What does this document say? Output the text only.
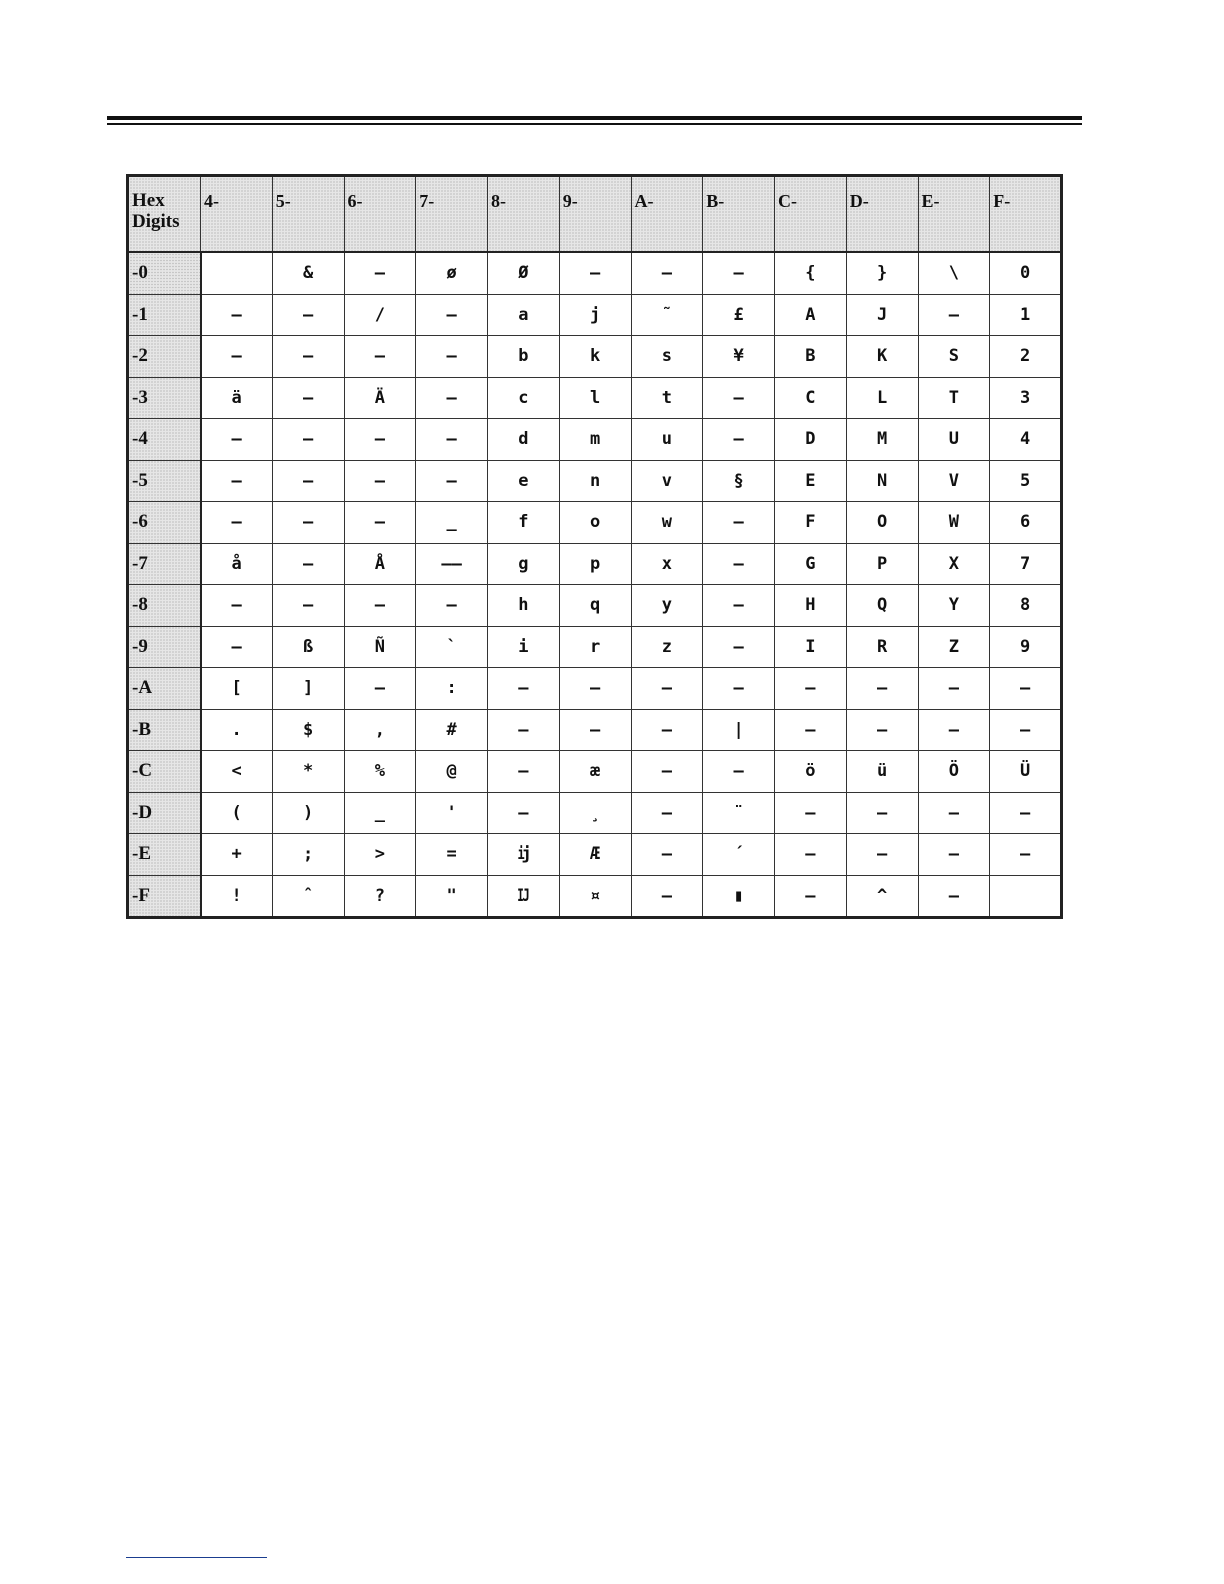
Hex
Digits	4-	5-	6-	7-	8-	9-	A-	B-	C-	D-	E-	F-
-0		&	–	ø	Ø	–	–	–	{	}	\	0
-1	–	–	/	–	a	j	˜	£	A	J	–	1
-2	–	–	–	–	b	k	s	¥	B	K	S	2
-3	ä	–	Ä	–	c	l	t	–	C	L	T	3
-4	–	–	–	–	d	m	u	–	D	M	U	4
-5	–	–	–	–	e	n	v	§	E	N	V	5
-6	–	–	–	_	f	o	w	–	F	O	W	6
-7	å	–	Å	——	g	p	x	–	G	P	X	7
-8	–	–	–	–	h	q	y	–	H	Q	Y	8
-9	–	ß	Ñ	`	i	r	z	–	I	R	Z	9
-A	[	]	–	:	–	–	–	–	–	–	–	–
-B	.	$	,	#	–	–	–	|	–	–	–	–
-C	<	*	%	@	–	æ	–	–	ö	ü	Ö	Ü
-D	(	)	_	'	–	¸	–	¨	–	–	–	–
-E	+	;	>	=	ĳ	Æ	–	´	–	–	–	–
-F	!	ˆ	?	"	Ĳ	¤	–	▮	–	^	–	
